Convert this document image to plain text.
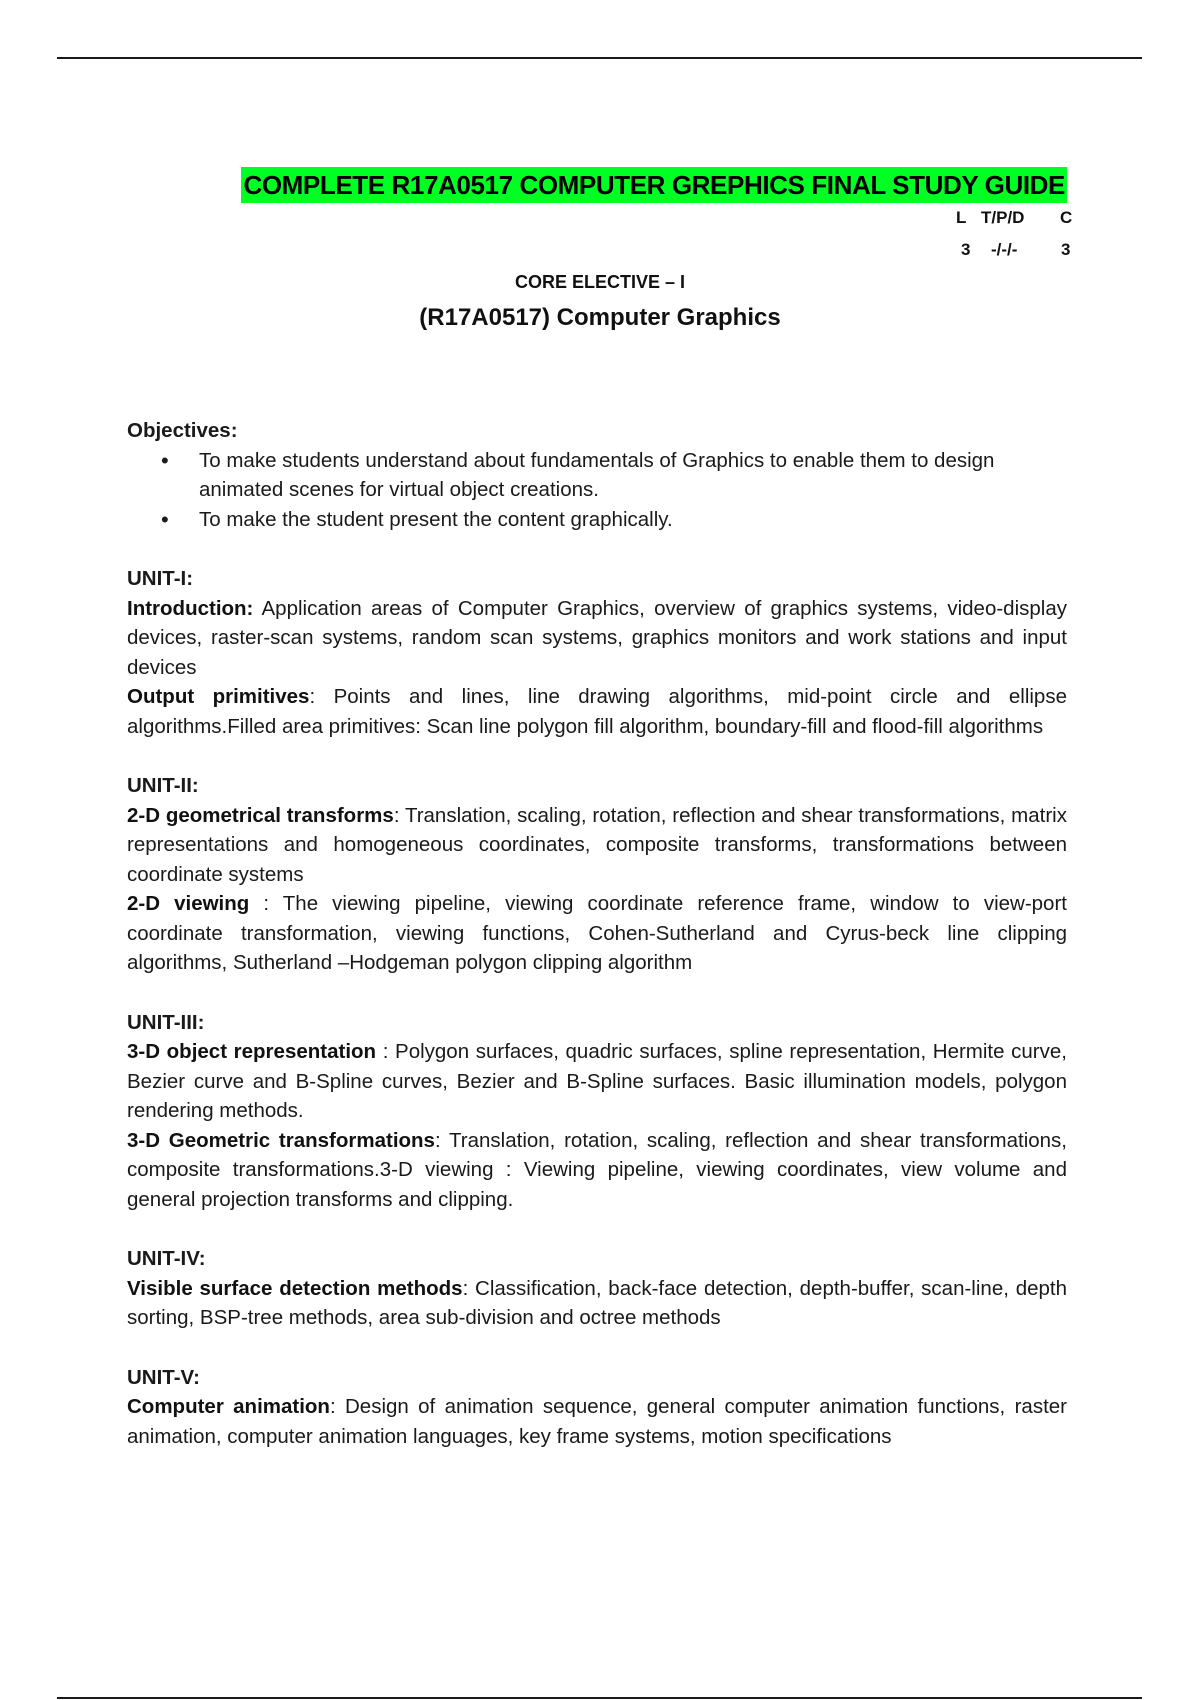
COMPLETE R17A0517 COMPUTER GREPHICS FINAL STUDY GUIDE
L T/P/D C
3 -/-/-	3
CORE ELECTIVE – I
(R17A0517) Computer Graphics

Objectives:

• To make students understand about fundamentals of Graphics to enable them to design animated scenes for virtual object creations.
• To make the student present the content graphically.

UNIT-I:

Introduction: Application areas of Computer Graphics, overview of graphics systems, video-display devices, raster-scan systems, random scan systems, graphics monitors and work stations and input devices

Output primitives: Points and lines, line drawing algorithms, mid-point circle and ellipse algorithms.Filled area primitives: Scan line polygon fill algorithm, boundary-fill and flood-fill algorithms

UNIT-II:

2-D geometrical transforms: Translation, scaling, rotation, reflection and shear transformations, matrix representations and homogeneous coordinates, composite transforms, transformations between coordinate systems

2-D viewing : The viewing pipeline, viewing coordinate reference frame, window to view-port coordinate transformation, viewing functions, Cohen-Sutherland and Cyrus-beck line clipping algorithms, Sutherland –Hodgeman polygon clipping algorithm

UNIT-III:

3-D object representation : Polygon surfaces, quadric surfaces, spline representation, Hermite curve, Bezier curve and B-Spline curves, Bezier and B-Spline surfaces. Basic illumination models, polygon rendering methods.

3-D Geometric transformations: Translation, rotation, scaling, reflection and shear transformations, composite transformations.3-D viewing : Viewing pipeline, viewing coordinates, view volume and general projection transforms and clipping.

UNIT-IV:

Visible surface detection methods: Classification, back-face detection, depth-buffer, scan-line, depth sorting, BSP-tree methods, area sub-division and octree methods

UNIT-V:

Computer animation: Design of animation sequence, general computer animation functions, raster animation, computer animation languages, key frame systems, motion specifications
